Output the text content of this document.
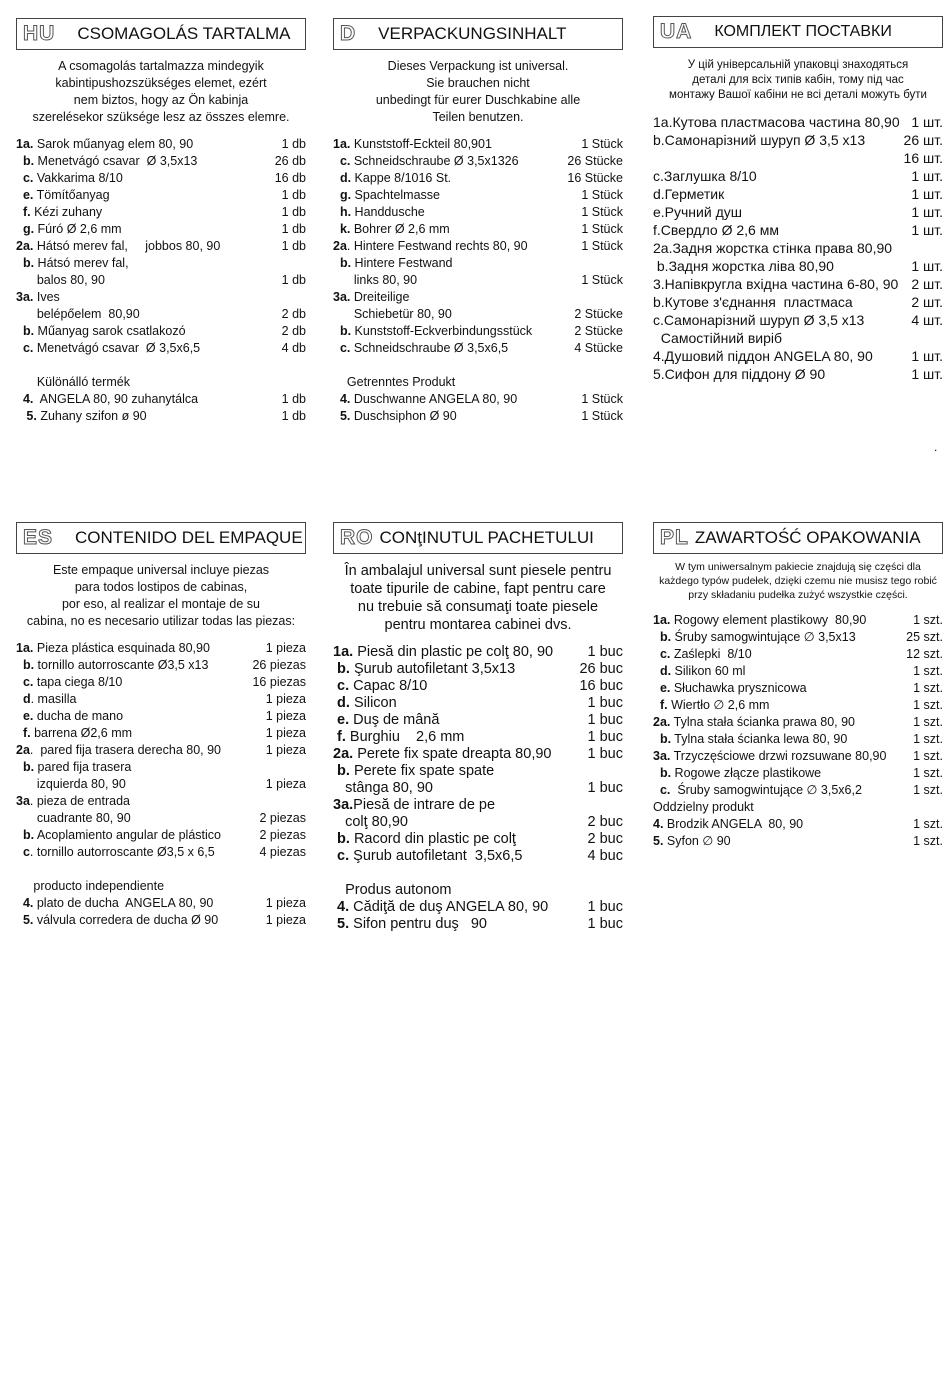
HU CSOMAGOLÁS TARTALMA
A csomagolás tartalmazza mindegyik
kabintipushozszükséges elemet, ezért
nem biztos, hogy az Ön kabinja
szerelésekor szüksége lesz az összes elemre.
1a. Sarok műanyag elem 80, 90	1 db
b. Menetvágó csavar  Ø 3,5x13	26 db
c. Vakkarima 8/10	16 db
e. Tömítőanyag	1 db
f. Kézi zuhany	1 db
g. Fúró Ø 2,6 mm	1 db
2a. Hátsó merev fal,     jobbos 80, 90	1 db
b. Hátsó merev fal,
balos 80, 90	1 db
3a. Ives
belépőelem  80,90	2 db
b. Műanyag sarok csatlakozó	2 db
c. Menetvágó csavar  Ø 3,5x6,5	4 db
Különálló termék
4.  ANGELA 80, 90 zuhanytálca	1 db
5. Zuhany szifon ø 90	1 db
D VERPACKUNGSINHALT
Dieses Verpackung ist universal.
Sie brauchen nicht
unbedingt für eurer Duschkabine alle
Teilen benutzen.
1a. Kunststoff-Eckteil 80,901	1 Stück
c. Schneidschraube Ø 3,5x1326	26 Stücke
d. Kappe 8/1016 St.	16 Stücke
g. Spachtelmasse	1 Stück
h. Handdusche	1 Stück
k. Bohrer Ø 2,6 mm	1 Stück
2a. Hintere Festwand rechts 80, 90	1 Stück
b. Hintere Festwand
links 80, 90	1 Stück
3a. Dreiteilige
Schiebetür 80, 90	2 Stücke
b. Kunststoff-Eckverbindungsstück	2 Stücke
c. Schneidschraube Ø 3,5x6,5	4 Stücke
Getrenntes Produkt
4. Duschwanne ANGELA 80, 90	1 Stück
5. Duschsiphon Ø 90	1 Stück
UA КОМПЛЕКТ ПОСТАВКИ
У цій універсальній упаковці знаходяться
деталі для всіх типів кабін, тому під час
монтажу Вашої кабіни не всі деталі можуть бути
1a.Кутова пластмасова частина 80,90 1 шт.
b.Самонарізний шуруп Ø 3,5 x13	26 шт.
16 шт.
c.Заглушка 8/10	1 шт.
d.Герметик	1 шт.
e.Ручний душ	1 шт.
f.Свердло Ø 2,6 мм	1 шт.
2a.Задня жорстка стінка права 80,90
b.Задня жорстка ліва 80,90	1 шт.
3.Напівкругла вхідна частина 6-80, 90 2 шт.
b.Кутове з'єднання  пластмаса	2 шт.
c.Самонарізний шуруп Ø 3,5 x13	4 шт.
Самостійний виріб
4.Душовий піддон ANGELA 80, 90	1 шт.
5.Сифон для піддону Ø 90	1 шт.
.
ES CONTENIDO DEL EMPAQUE
Este empaque universal incluye piezas
para todos lostipos de cabinas,
por eso, al realizar el montaje de su
cabina, no es necesario utilizar todas las piezas:
1a. Pieza plástica esquinada 80,90	1 pieza
b. tornillo autorroscante Ø3,5 x13	26 piezas
c. tapa ciega 8/10	16 piezas
d. masilla	1 pieza
e. ducha de mano	1 pieza
f. barrena Ø2,6 mm	1 pieza
2a.  pared fija trasera derecha 80, 90	1 pieza
b. pared fija trasera
izquierda 80, 90	1 pieza
3a. pieza de entrada
cuadrante 80, 90	2 piezas
b. Acoplamiento angular de plástico	2 piezas
c. tornillo autorroscante Ø3,5 x 6,5	4 piezas
producto independiente
4. plato de ducha  ANGELA 80, 90	1 pieza
5. válvula corredera de ducha Ø 90	1 pieza
RO CONţINUTUL PACHETULUI
În ambalajul universal sunt piesele pentru
toate tipurile de cabine, fapt pentru care
nu trebuie să consumaţi toate piesele
pentru montarea cabinei dvs.
1a. Piesă din plastic pe colţ 80, 90	1 buc
b. Şurub autofiletant 3,5x13	26 buc
c. Capac 8/10	16 buc
d. Silicon	1 buc
e. Duş de mână	1 buc
f. Burghiu    2,6 mm	1 buc
2a. Perete fix spate dreapta 80,90	1 buc
b. Perete fix spate spate
stânga 80, 90	1 buc
3a.Piesă de intrare de pe
colţ 80,90	2 buc
b. Racord din plastic pe colţ	2 buc
c. Şurub autofiletant  3,5x6,5	4 buc
Produs autonom
4. Cădiţă de duş ANGELA 80, 90	1 buc
5. Sifon pentru duş   90	1 buc
PL ZAWARTOŚĆ OPAKOWANIA
W tym uniwersalnym pakiecie znajdują się części dla
każdego typów pudełek, dzięki czemu nie musisz tego robić
przy składaniu pudełka zużyć wszystkie części.
1a. Rogowy element plastikowy  80,90	1 szt.
b. Śruby samogwintujące ∅ 3,5x13	25 szt.
c. Zaślepki  8/10	12 szt.
d. Silikon 60 ml	1 szt.
e. Słuchawka prysznicowa	1 szt.
f. Wiertło ∅ 2,6 mm	1 szt.
2a. Tylna stała ścianka prawa 80, 90	1 szt.
b. Tylna stała ścianka lewa 80, 90	1 szt.
3a. Trzyczęściowe drzwi rozsuwane 80,90	1 szt.
b. Rogowe złącze plastikowe	1 szt.
c.  Śruby samogwintujące ∅ 3,5x6,2	1 szt.
Oddzielny produkt
4. Brodzik ANGELA  80, 90	1 szt.
5. Syfon ∅ 90	1 szt.
